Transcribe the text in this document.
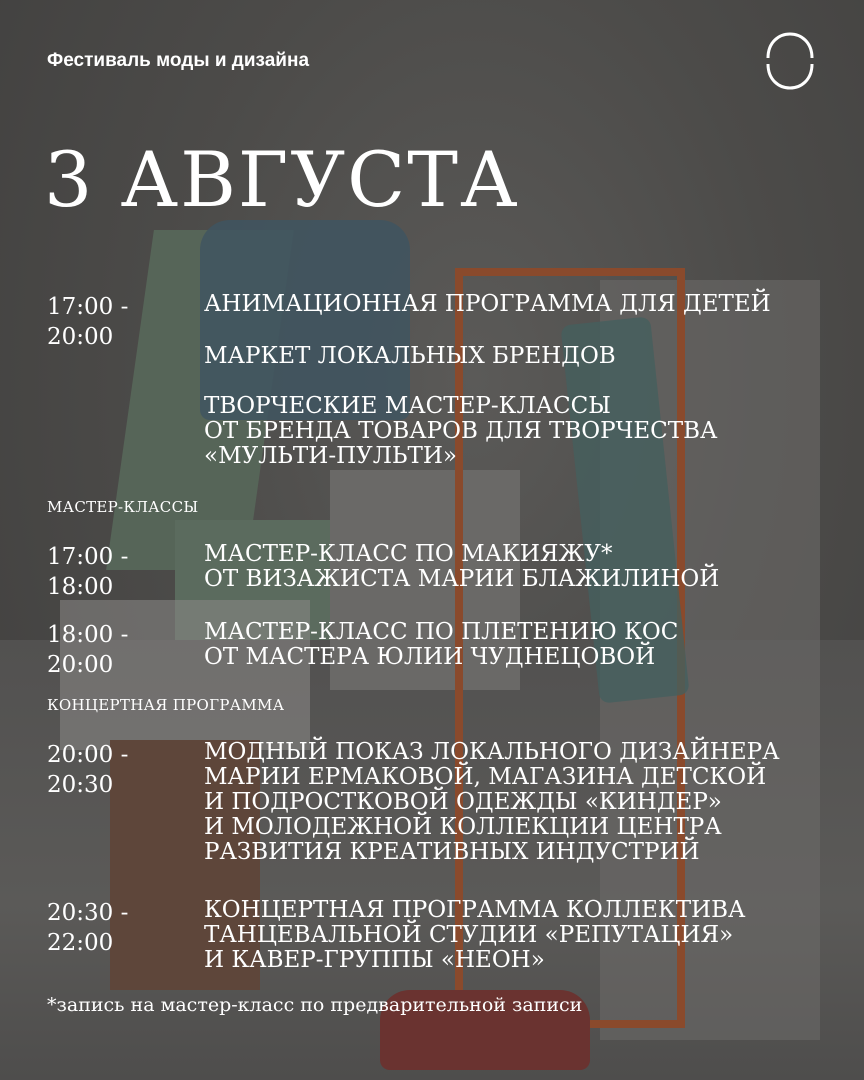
Фестиваль моды и дизайна
3 АВГУСТА
17:00 -
20:00
АНИМАЦИОННАЯ ПРОГРАММА ДЛЯ ДЕТЕЙ
МАРКЕТ ЛОКАЛЬНЫХ БРЕНДОВ
ТВОРЧЕСКИЕ МАСТЕР-КЛАССЫ
ОТ БРЕНДА ТОВАРОВ ДЛЯ ТВОРЧЕСТВА
«МУЛЬТИ-ПУЛЬТИ»
МАСТЕР-КЛАССЫ
17:00 -
18:00
МАСТЕР-КЛАСС ПО МАКИЯЖУ*
ОТ ВИЗАЖИСТА МАРИИ БЛАЖИЛИНОЙ
18:00 -
20:00
МАСТЕР-КЛАСС ПО ПЛЕТЕНИЮ КОС
ОТ МАСТЕРА ЮЛИИ ЧУДНЕЦОВОЙ
КОНЦЕРТНАЯ ПРОГРАММА
20:00 -
20:30
МОДНЫЙ ПОКАЗ ЛОКАЛЬНОГО ДИЗАЙНЕРА
МАРИИ ЕРМАКОВОЙ, МАГАЗИНА ДЕТСКОЙ
И ПОДРОСТКОВОЙ ОДЕЖДЫ «КИНДЕР»
И МОЛОДЕЖНОЙ КОЛЛЕКЦИИ ЦЕНТРА
РАЗВИТИЯ КРЕАТИВНЫХ ИНДУСТРИЙ
20:30 -
22:00
КОНЦЕРТНАЯ ПРОГРАММА КОЛЛЕКТИВА
ТАНЦЕВАЛЬНОЙ СТУДИИ «РЕПУТАЦИЯ»
И КАВЕР-ГРУППЫ «НЕОН»
*запись на мастер-класс по предварительной записи
